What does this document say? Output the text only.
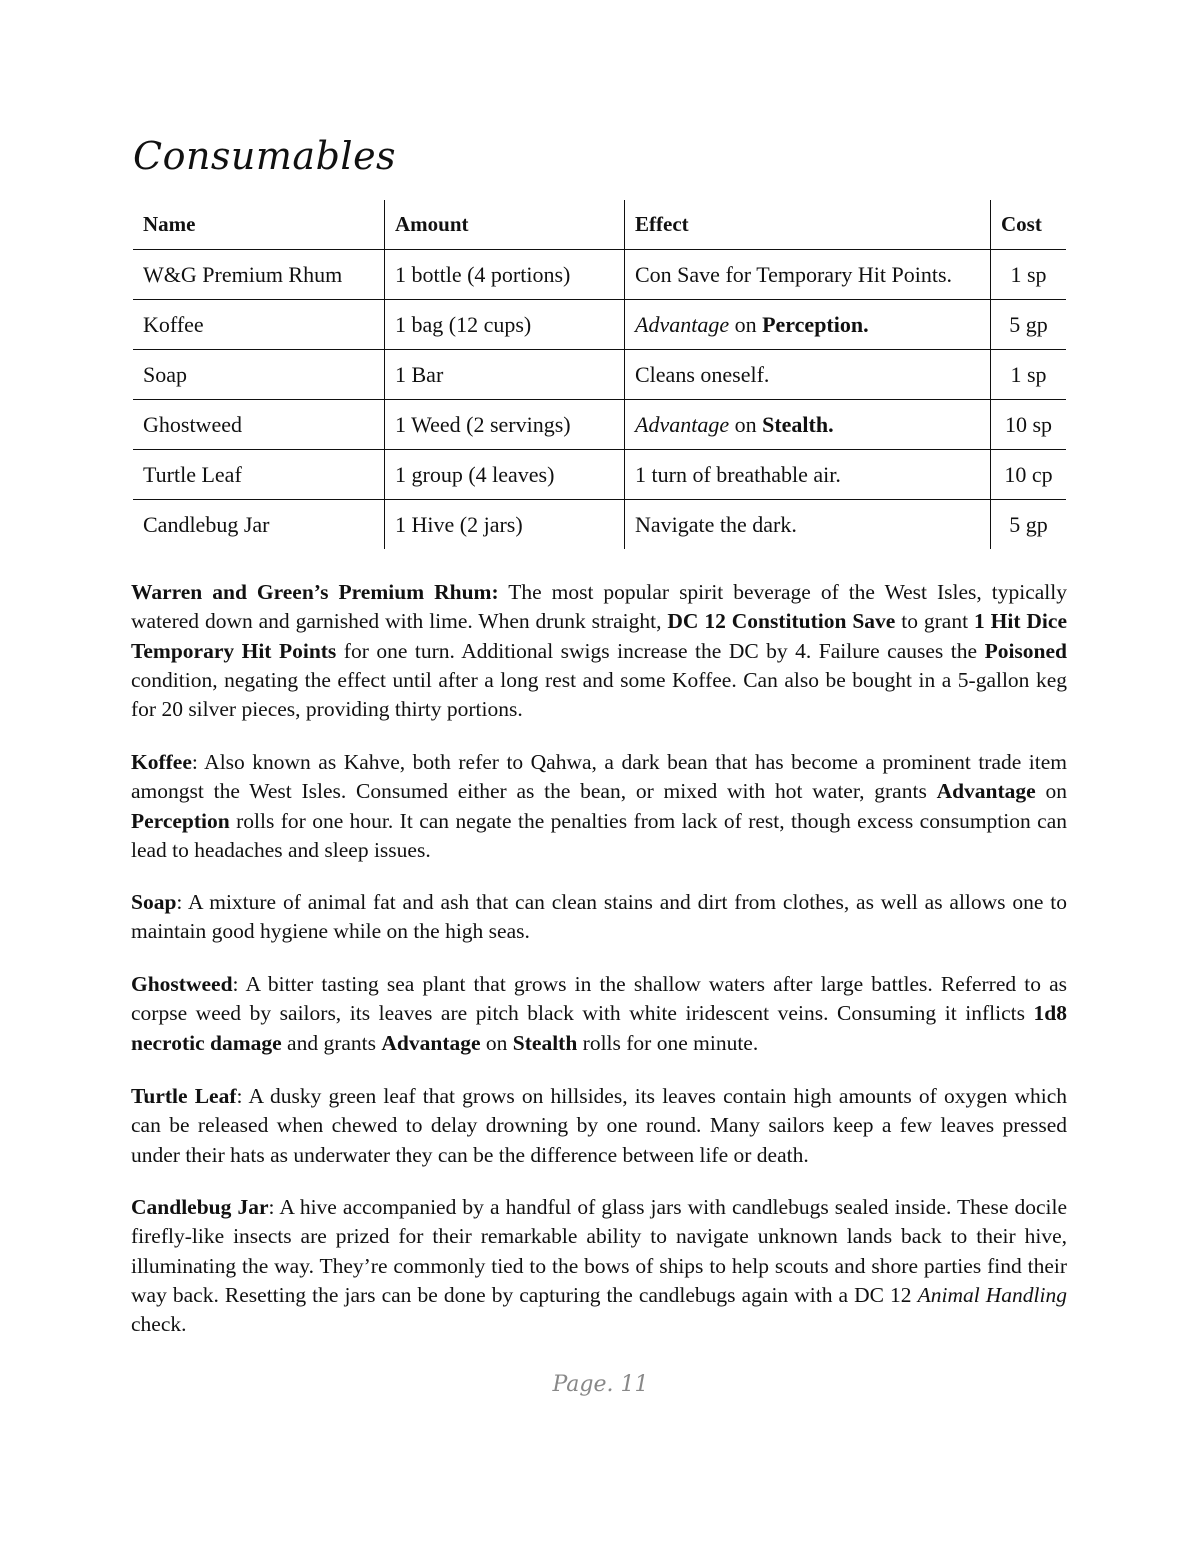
Consumables
Name	Amount	Effect	Cost
W&G Premium Rhum	1 bottle (4 portions)	Con Save for Temporary Hit Points.	1 sp
Koffee	1 bag (12 cups)	Advantage on Perception.	5 gp
Soap	1 Bar	Cleans oneself.	1 sp
Ghostweed	1 Weed (2 servings)	Advantage on Stealth.	10 sp
Turtle Leaf	1 group (4 leaves)	1 turn of breathable air.	10 cp
Candlebug Jar	1 Hive (2 jars)	Navigate the dark.	5 gp

Warren and Green’s Premium Rhum: The most popular spirit beverage of the West Isles, typically watered down and garnished with lime. When drunk straight, DC 12 Constitution Save to grant 1 Hit Dice Temporary Hit Points for one turn. Additional swigs increase the DC by 4. Failure causes the Poisoned condition, negating the effect until after a long rest and some Koffee. Can also be bought in a 5-gallon keg for 20 silver pieces, providing thirty portions.

Koffee: Also known as Kahve, both refer to Qahwa, a dark bean that has become a prominent trade item amongst the West Isles. Consumed either as the bean, or mixed with hot water, grants Advantage on Perception rolls for one hour. It can negate the penalties from lack of rest, though excess consumption can lead to headaches and sleep issues.

Soap: A mixture of animal fat and ash that can clean stains and dirt from clothes, as well as allows one to maintain good hygiene while on the high seas.

Ghostweed: A bitter tasting sea plant that grows in the shallow waters after large battles. Referred to as corpse weed by sailors, its leaves are pitch black with white iridescent veins. Consuming it inflicts 1d8 necrotic damage and grants Advantage on Stealth rolls for one minute.

Turtle Leaf: A dusky green leaf that grows on hillsides, its leaves contain high amounts of oxygen which can be released when chewed to delay drowning by one round. Many sailors keep a few leaves pressed under their hats as underwater they can be the difference between life or death.

Candlebug Jar: A hive accompanied by a handful of glass jars with candlebugs sealed inside. These docile firefly-like insects are prized for their remarkable ability to navigate unknown lands back to their hive, illuminating the way. They’re commonly tied to the bows of ships to help scouts and shore parties find their way back. Resetting the jars can be done by capturing the candlebugs again with a DC 12 Animal Handling check.

Page. 11
